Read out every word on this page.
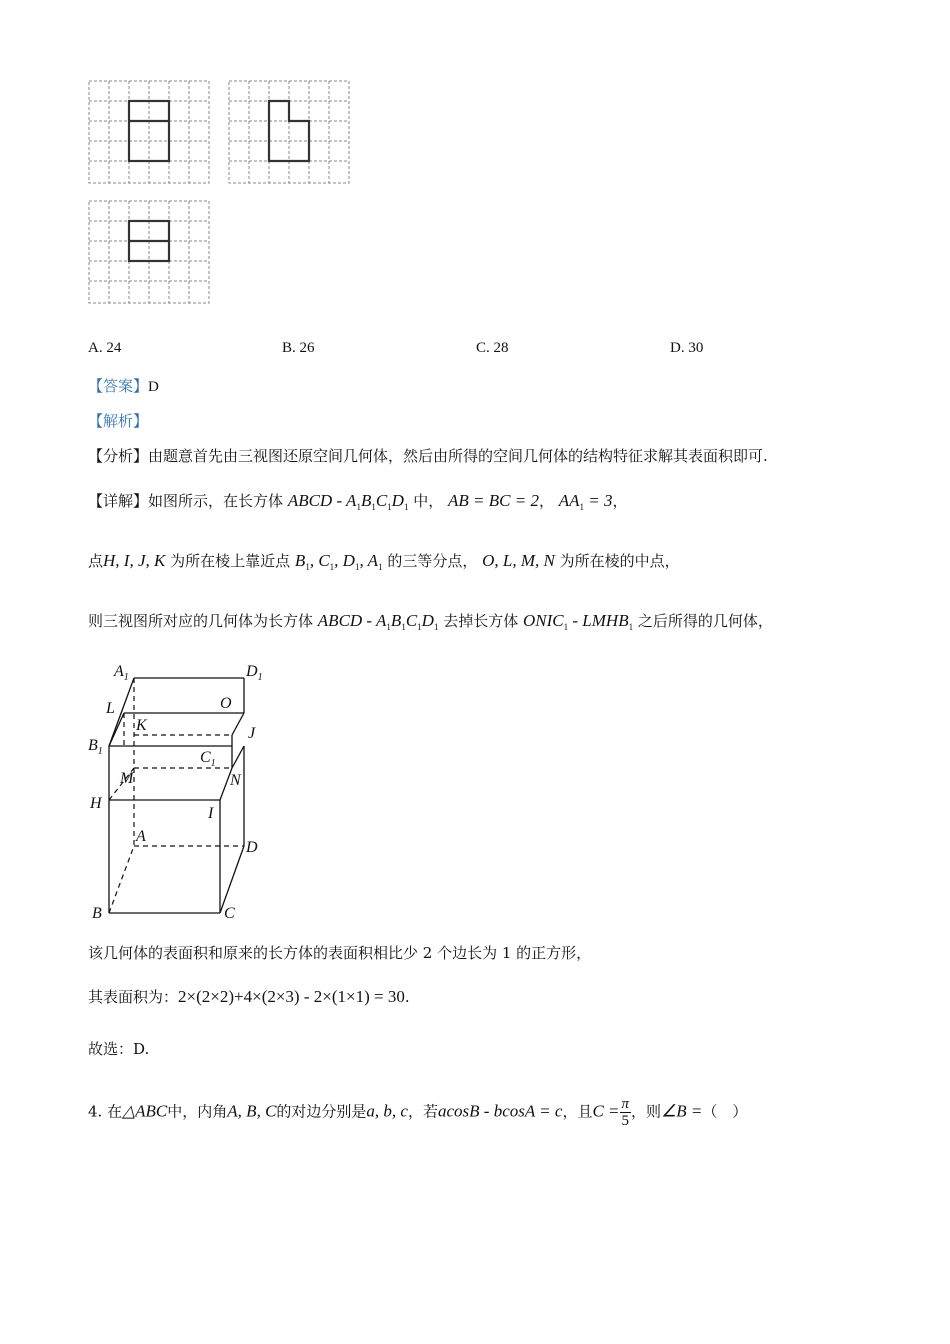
A. 24	B. 26	C. 28	D. 30
【答案】D
【解析】
【分析】由题意首先由三视图还原空间几何体，然后由所得的空间几何体的结构特征求解其表面积即可.
【详解】如图所示，在长方体 ABCD - $A_1B_1C_1D_1$ 中， AB = BC = 2， $AA_1 = 3$，
点H, I, J, K 为所在棱上靠近点 $B_1$, $C_1$, $D_1$, $A_1$ 的三等分点， O, L, M, N 为所在棱的中点，
则三视图所对应的几何体为长方体 ABCD - $A_1B_1C_1D_1$ 去掉长方体 $ONIC_1$ - $LMHB_1$ 之后所得的几何体，
$A_1$	$D_1$
O
L
K	J
$B_1$	$C_1$
M	N
H
I
A
D
B	C
该几何体的表面积和原来的长方体的表面积相比少 2 个边长为 1 的正方形，
其表面积为：2×(2×2)+4×(2×3) - 2×(1×1) = 30.
故选：D.
4. 在△ABC中，内角A, B, C的对边分别是a, b, c，若acosB - bcosA = c，且$C = \frac{\pi}{5}$ ，则∠B =（　）
